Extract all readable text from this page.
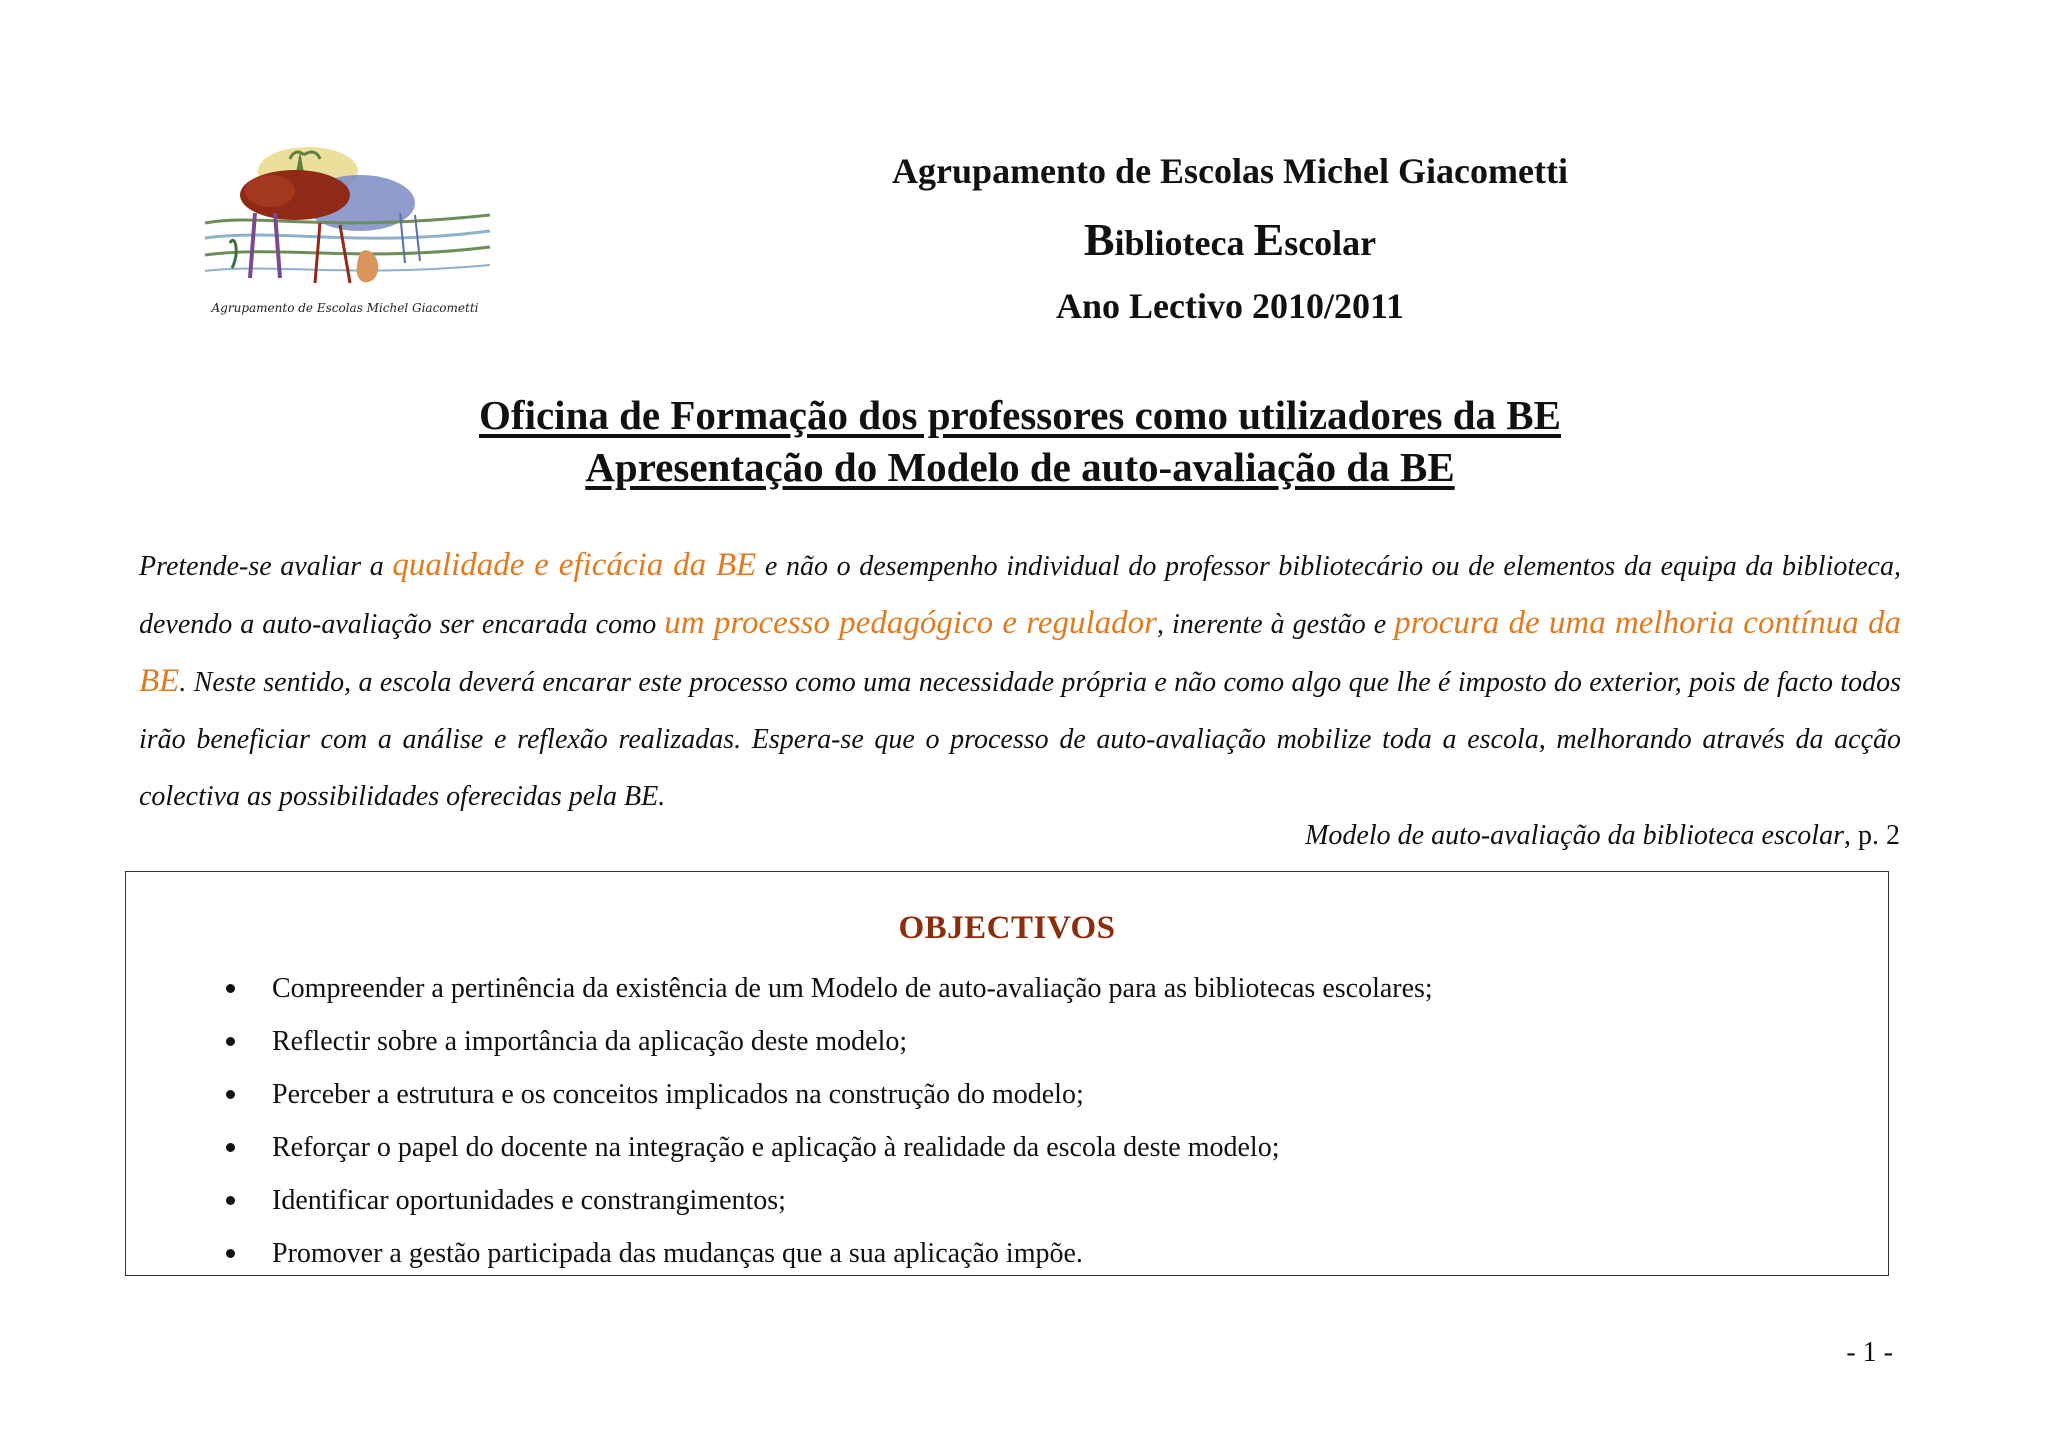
Agrupamento de Escolas Michel Giacometti
Agrupamento de Escolas Michel Giacometti
Biblioteca Escolar
Ano Lectivo 2010/2011
Oficina de Formação dos professores como utilizadores da BE
Apresentação do Modelo de auto-avaliação da BE
Pretende-se avaliar a qualidade e eficácia da BE e não o desempenho individual do professor bibliotecário ou de elementos da equipa da biblioteca, devendo a auto-avaliação ser encarada como um processo pedagógico e regulador, inerente à gestão e procura de uma melhoria contínua da BE. Neste sentido, a escola deverá encarar este processo como uma necessidade própria e não como algo que lhe é imposto do exterior, pois de facto todos irão beneficiar com a análise e reflexão realizadas. Espera-se que o processo de auto-avaliação mobilize toda a escola, melhorando através da acção colectiva as possibilidades oferecidas pela BE.
Modelo de auto-avaliação da biblioteca escolar, p. 2
OBJECTIVOS
Compreender a pertinência da existência de um Modelo de auto-avaliação para as bibliotecas escolares;
Reflectir sobre a importância da aplicação deste modelo;
Perceber a estrutura e os conceitos implicados na construção do modelo;
Reforçar o papel do docente na integração e aplicação à realidade da escola deste modelo;
Identificar oportunidades e constrangimentos;
Promover a gestão participada das mudanças que a sua aplicação impõe.
- 1 -
